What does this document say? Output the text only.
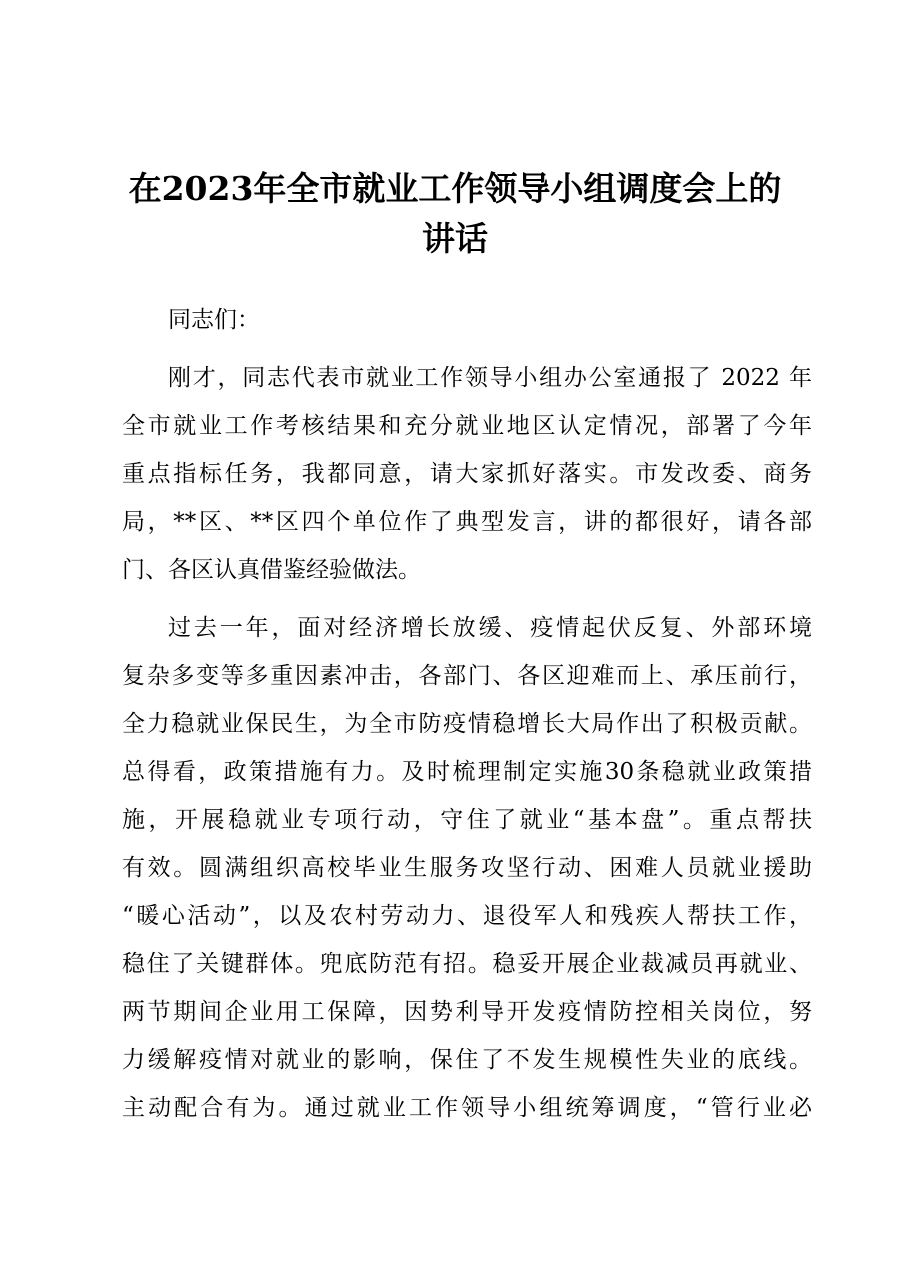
在2023年全市就业工作领导小组调度会上的
讲话
同志们：
刚才，同志代表市就业工作领导小组办公室通报了 2022 年
全市就业工作考核结果和充分就业地区认定情况，部署了今年
重点指标任务，我都同意，请大家抓好落实。市发改委、商务
局，**区、**区四个单位作了典型发言，讲的都很好，请各部
门、各区认真借鉴经验做法。
过去一年，面对经济增长放缓、疫情起伏反复、外部环境
复杂多变等多重因素冲击，各部门、各区迎难而上、承压前行，
全力稳就业保民生，为全市防疫情稳增长大局作出了积极贡献。
总得看，政策措施有力。及时梳理制定实施30条稳就业政策措
施，开展稳就业专项行动，守住了就业“基本盘”。重点帮扶
有效。圆满组织高校毕业生服务攻坚行动、困难人员就业援助
“暖心活动”，以及农村劳动力、退役军人和残疾人帮扶工作，
稳住了关键群体。兜底防范有招。稳妥开展企业裁减员再就业、
两节期间企业用工保障，因势利导开发疫情防控相关岗位，努
力缓解疫情对就业的影响，保住了不发生规模性失业的底线。
主动配合有为。通过就业工作领导小组统筹调度，“管行业必
